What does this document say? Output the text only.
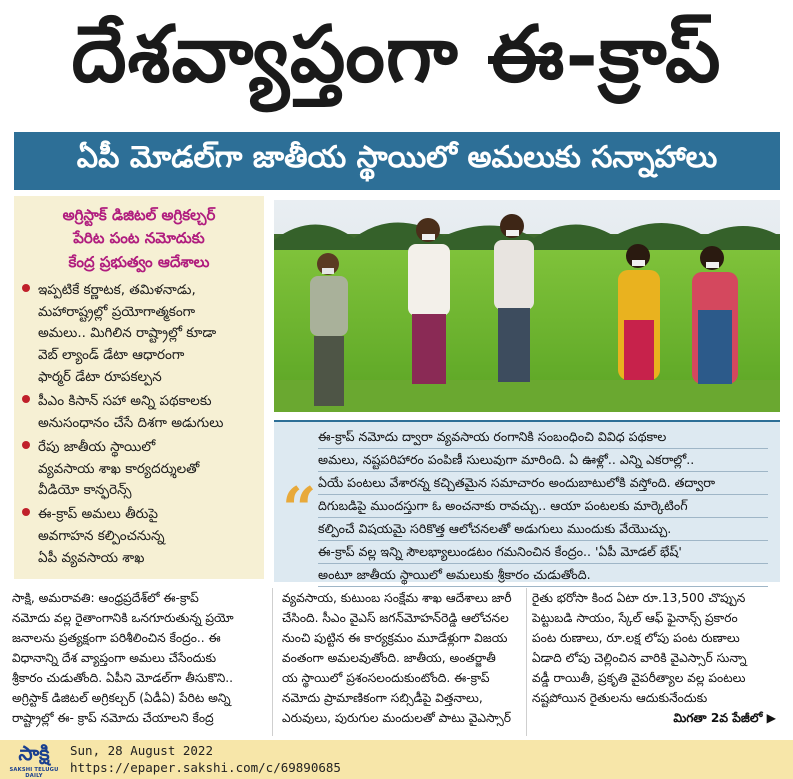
దేశవ్యాప్తంగా ఈ-క్రాప్
ఏపీ మోడల్‌గా జాతీయ స్థాయిలో అమలుకు సన్నాహాలు
అగ్రిస్టాక్ డిజిటల్ అగ్రికల్చర్
పేరిట పంట నమోదుకు
కేంద్ర ప్రభుత్వం ఆదేశాలు
ఇప్పటికే కర్ణాటక, తమిళనాడు,
మహారాష్ట్రల్లో ప్రయోగాత్మకంగా
అమలు.. మిగిలిన రాష్ట్రాల్లో కూడా
వెబ్ ల్యాండ్ డేటా ఆధారంగా
ఫార్మర్ డేటా రూపకల్పన
పీఎం కిసాన్ సహా అన్ని పథకాలకు
అనుసంధానం చేసే దిశగా అడుగులు
రేపు జాతీయ స్థాయిలో
వ్యవసాయ శాఖ కార్యదర్శులతో
వీడియో కాన్ఫరెన్స్
ఈ-క్రాప్ అమలు తీరుపై
అవగాహన కల్పించనున్న
ఏపీ వ్యవసాయ శాఖ
“
ఈ-క్రాప్ నమోదు ద్వారా వ్యవసాయ రంగానికి సంబంధించి వివిధ పథకాల
అమలు, నష్టపరిహారం పంపిణీ సులువుగా మారింది. ఏ ఊళ్లో.. ఎన్ని ఎకరాల్లో..
ఏయే పంటలు వేశారన్న కచ్చితమైన సమాచారం అందుబాటులోకి వస్తోంది. తద్వారా
దిగుబడిపై ముందస్తుగా ఓ అంచనాకు రావచ్చు.. ఆయా పంటలకు మార్కెటింగ్
కల్పించే విషయమై సరికొత్త ఆలోచనలతో అడుగులు ముందుకు వేయొచ్చు.
ఈ-క్రాప్ వల్ల ఇన్ని సౌలభ్యాలుండటం గమనించిన కేంద్రం.. 'ఏపీ మోడల్ భేష్'
అంటూ జాతీయ స్థాయిలో అమలుకు శ్రీకారం చుడుతోంది.
సాక్షి, అమరావతి: ఆంధ్రప్రదేశ్‌లో ఈ-క్రాప్
నమోదు వల్ల రైతాంగానికి ఒనగూరుతున్న ప్రయో
జనాలను ప్రత్యక్షంగా పరిశీలించిన కేంద్రం.. ఈ
విధానాన్ని దేశ వ్యాప్తంగా అమలు చేసేందుకు
శ్రీకారం చుడుతోంది. ఏపీని మోడల్‌గా తీసుకొని..
అగ్రిస్టాక్ డిజిటల్ అగ్రికల్చర్ (ఏడీఏ) పేరిట అన్ని
రాష్ట్రాల్లో ఈ- క్రాప్ నమోదు చేయాలని కేంద్ర
వ్యవసాయ, కుటుంబ సంక్షేమ శాఖ ఆదేశాలు జారీ
చేసింది. సీఎం వైఎస్ జగన్‌మోహన్‌రెడ్డి ఆలోచనల
నుంచి పుట్టిన ఈ కార్యక్రమం మూడేళ్లుగా విజయ
వంతంగా అమలవుతోంది. జాతీయ, అంతర్జాతీ
య స్థాయిలో ప్రశంసలందుకుంటోంది. ఈ-క్రాప్
నమోదు ప్రామాణికంగా సబ్సిడీపై విత్తనాలు,
ఎరువులు, పురుగుల మందులతో పాటు వైఎస్సార్
రైతు భరోసా కింద ఏటా రూ.13,500 చొప్పున
పెట్టుబడి సాయం, స్కేల్ ఆఫ్ ఫైనాన్స్ ప్రకారం
పంట రుణాలు, రూ.లక్ష లోపు పంట రుణాలు
ఏడాది లోపు చెల్లించిన వారికి వైఎస్సార్ సున్నా
వడ్డీ రాయితీ, ప్రకృతి వైపరీత్యాల వల్ల పంటలు
నష్టపోయిన రైతులను ఆదుకునేందుకు
మిగతా 2వ పేజీలో ▶
సాక్షి
SAKSHI TELUGU DAILY
Sun, 28 August 2022
https://epaper.sakshi.com/c/69890685
